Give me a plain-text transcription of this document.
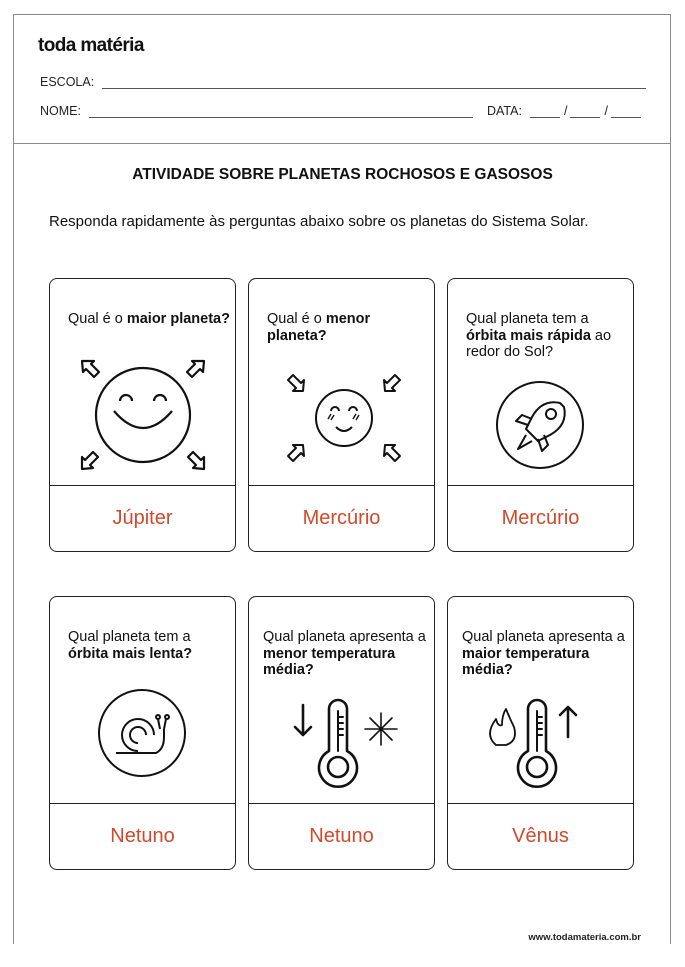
toda matéria
ESCOLA:
NOME:	DATA:	/	/
ATIVIDADE SOBRE PLANETAS ROCHOSOS E GASOSOS
Responda rapidamente às perguntas abaixo sobre os planetas do Sistema Solar.
Qual é o maior planeta?
Júpiter
Qual é o menor planeta?
Mercúrio
Qual planeta tem a órbita mais rápida ao redor do Sol?
Mercúrio
Qual planeta tem a órbita mais lenta?
Netuno
Qual planeta apresenta a menor temperatura média?
Netuno
Qual planeta apresenta a maior temperatura média?
Vênus
www.todamateria.com.br
